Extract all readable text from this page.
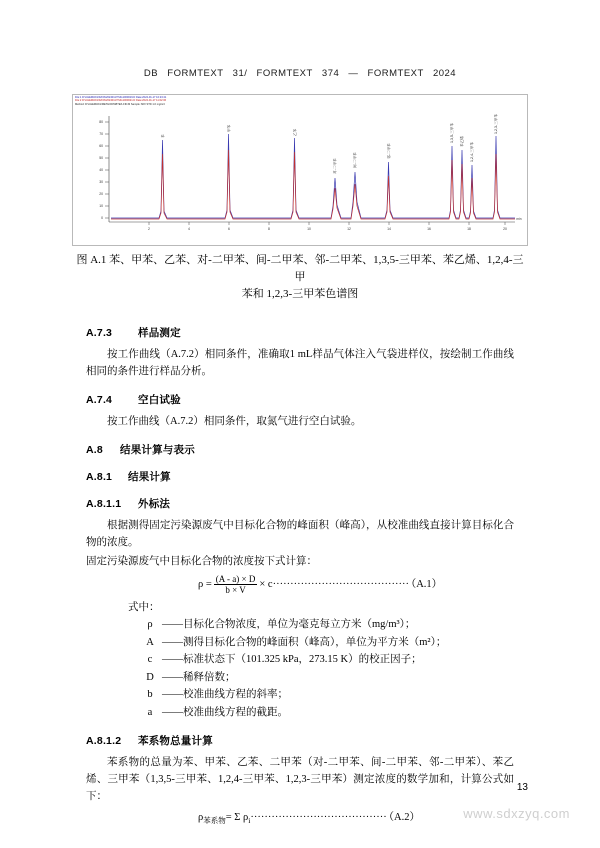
DB FORMTEXT 31/ FORMTEXT 374 — FORMTEXT 2024
File:1 D:\CHEM32\1\DATA\20240117\SIG1000019.D Date:2024-01-17 10:23:41
File:2 D:\CHEM32\1\DATA\20240117\SIG1000021.D Date:2024-01-17 11:02:06
Method: D:\CHEM32\1\METHODS\BTEX-FID.M Sample: MIX STD 1.0 mg/m3
80
70
60
50
40
30
20
10
0
2	4	6	8	10	12	14	16	18	20
min
苯
甲苯
乙苯
对-二甲苯	间-二甲苯
邻-二甲苯
1,3,5-三甲苯 苯乙烯
1,2,4-三甲苯
1,2,3-三甲苯
图 A.1 苯、甲苯、乙苯、对-二甲苯、间-二甲苯、邻-二甲苯、1,3,5-三甲苯、苯乙烯、1,2,4-三甲
苯和 1,2,3-三甲苯色谱图
A.7.3 样品测定

按工作曲线（A.7.2）相同条件，准确取1 mL样品气体注入气袋进样仪，按绘制工作曲线相同的条件进行样品分析。

A.7.4 空白试验

按工作曲线（A.7.2）相同条件，取氮气进行空白试验。

A.8 结果计算与表示
A.8.1 结果计算
A.8.1.1 外标法

根据测得固定污染源废气中目标化合物的峰面积（峰高），从校准曲线直接计算目标化合物的浓度。

固定污染源废气中目标化合物的浓度按下式计算：

$\rho = \frac{(A - a) \times D}{b \times V} \times c\cdot\cdot\cdot\cdot\cdot\cdot\cdot\cdot\cdot\cdot\cdot\cdot\cdot\cdot\cdot\cdot\cdot\cdot\cdot\cdot\cdot\cdot\cdot\cdot\cdot\cdot\cdot\cdot\cdot\cdot\cdot\cdot\cdot\cdot\cdot\cdot\cdot\cdot\cdot (A.1)$
式中：
ρ ——目标化合物浓度，单位为毫克每立方米（mg/m³）；
A ——测得目标化合物的峰面积（峰高），单位为平方米（m²）；
c ——标准状态下（101.325 kPa，273.15 K）的校正因子；
D ——稀释倍数；
b ——校准曲线方程的斜率；
a ——校准曲线方程的截距。
A.8.1.2 苯系物总量计算

苯系物的总量为苯、甲苯、乙苯、二甲苯（对-二甲苯、间-二甲苯、邻-二甲苯）、苯乙烯、三甲苯（1,3,5-三甲苯、1,2,4-三甲苯、1,2,3-三甲苯）测定浓度的数学加和，计算公式如下：

$\rho_{苯系物}= \Sigma$ $\rho_i\cdot\cdot\cdot\cdot\cdot\cdot\cdot\cdot\cdot\cdot\cdot\cdot\cdot\cdot\cdot\cdot\cdot\cdot\cdot\cdot\cdot\cdot\cdot\cdot\cdot\cdot\cdot\cdot\cdot\cdot\cdot\cdot\cdot\cdot\cdot\cdot\cdot\cdot\cdot (A.2)$
13
www.sdxzyq.com
